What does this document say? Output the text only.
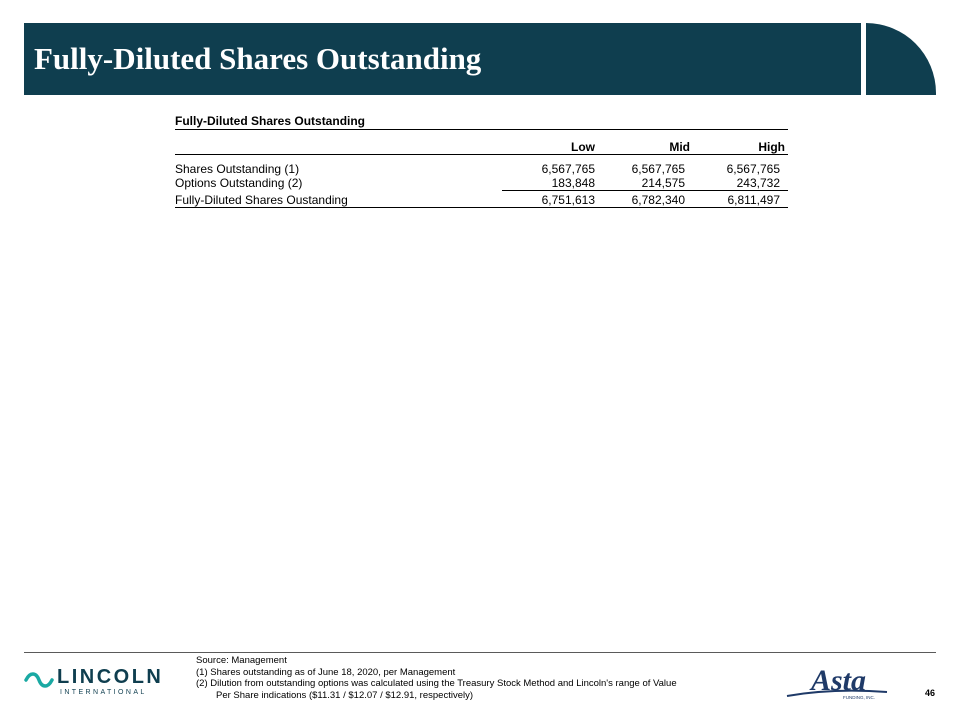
Fully-Diluted Shares Outstanding
Fully-Diluted Shares Outstanding
Low	Mid	High
Shares Outstanding (1)	6,567,765	6,567,765	6,567,765
Options Outstanding (2)	183,848	214,575	243,732
Fully-Diluted Shares Oustanding	6,751,613	6,782,340	6,811,497
LINCOLN
INTERNATIONAL
Source: Management
(1) Shares outstanding as of June 18, 2020, per Management
(2) Dilution from outstanding options was calculated using the Treasury Stock Method and Lincoln's range of Value
Per Share indications ($11.31 / $12.07 / $12.91, respectively)	Asta
FUNDING, INC.	46
